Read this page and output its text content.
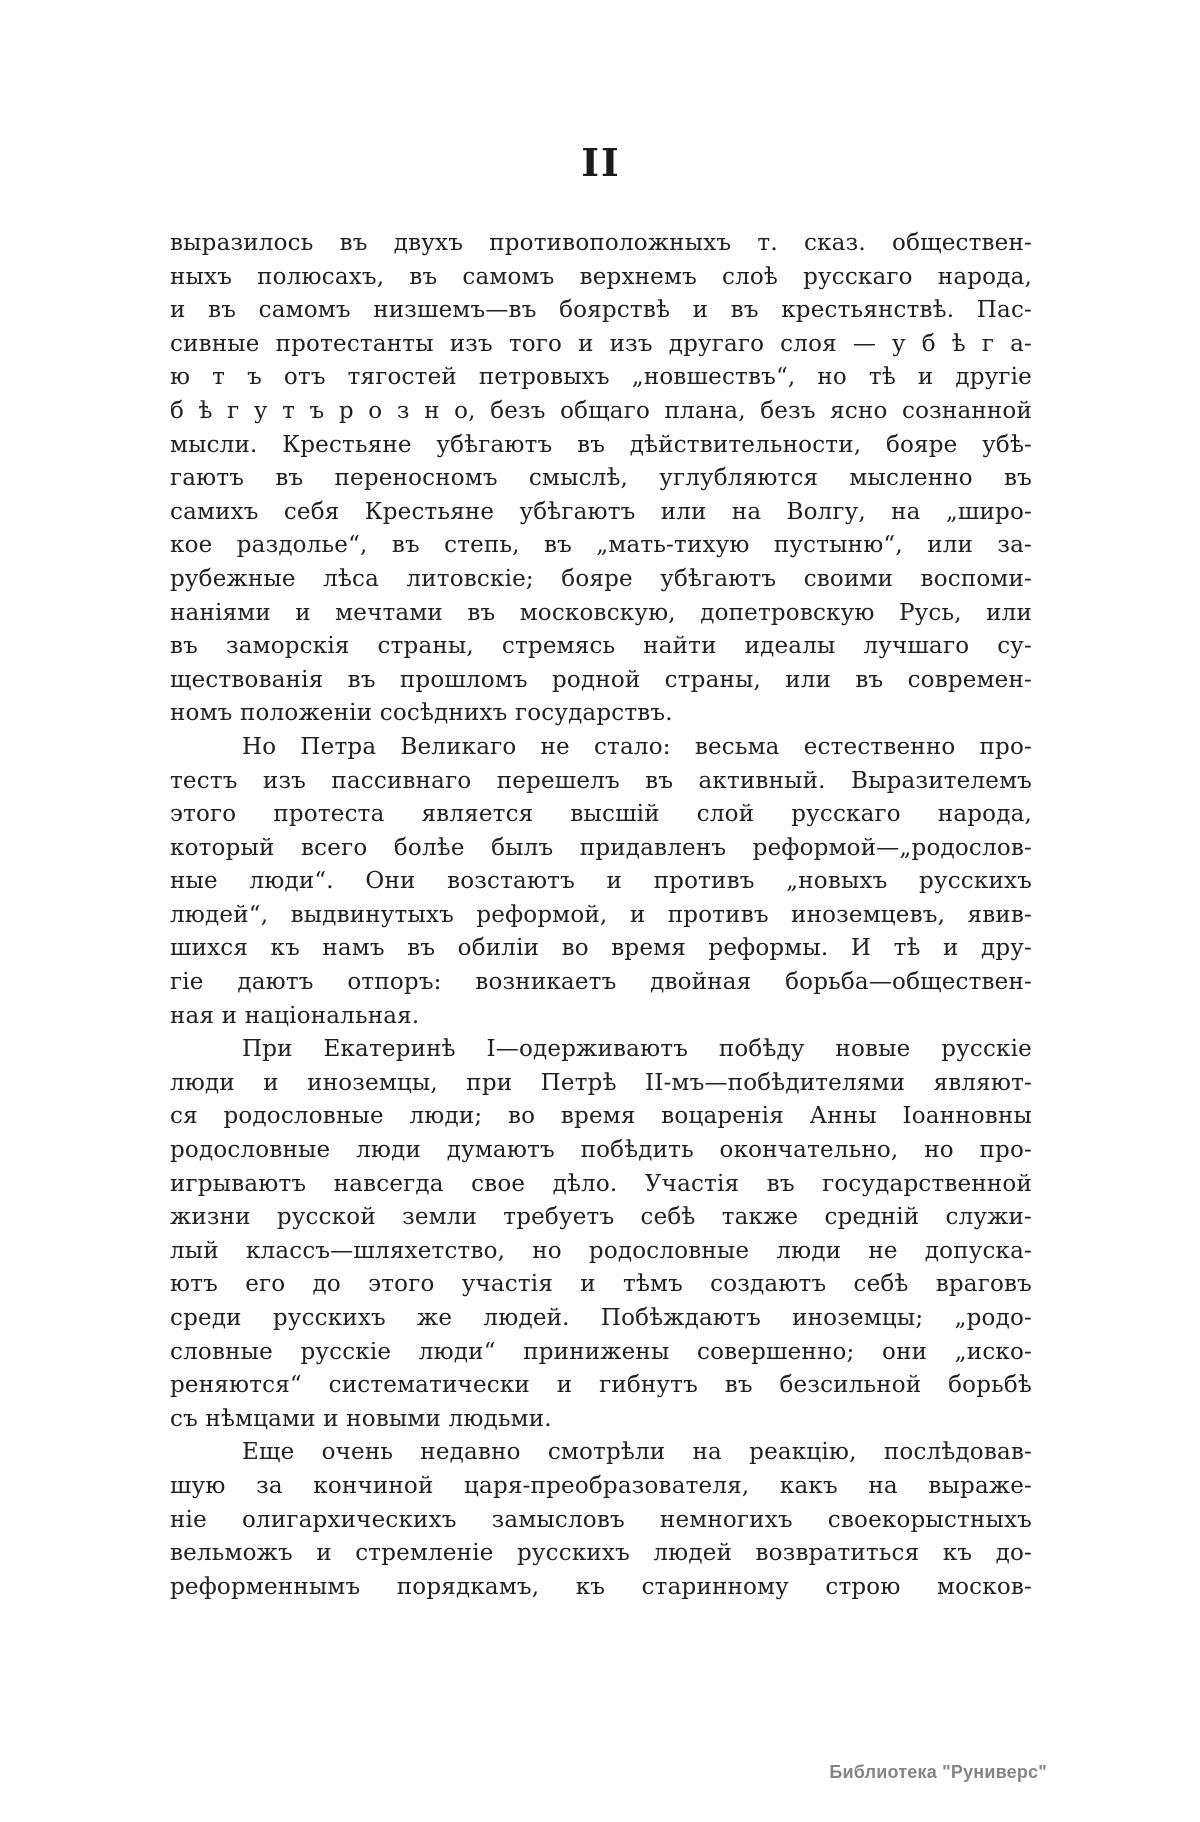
II
выразилось въ двухъ противоположныхъ т. сказ. обществен-
ныхъ полюсахъ, въ самомъ верхнемъ слоѣ русскаго народа,
и въ самомъ низшемъ—въ боярствѣ и въ крестьянствѣ. Пас-
сивные протестанты изъ того и изъ другаго слоя — у б ѣ г а-
ю т ъ отъ тягостей петровыхъ „новшествъ“, но тѣ и другіе
б ѣ г у т ъ р о з н о, безъ общаго плана, безъ ясно сознанной
мысли. Крестьяне убѣгаютъ въ дѣйствительности, бояре убѣ-
гаютъ въ переносномъ смыслѣ, углубляются мысленно въ
самихъ себя Крестьяне убѣгаютъ или на Волгу, на „широ-
кое раздолье“, въ степь, въ „мать-тихую пустыню“, или за-
рубежные лѣса литовскіе; бояре убѣгаютъ своими воспоми-
наніями и мечтами въ московскую, допетровскую Русь, или
въ заморскія страны, стремясь найти идеалы лучшаго су-
ществованія въ прошломъ родной страны, или въ современ-
номъ положеніи сосѣднихъ государствъ.
Но Петра Великаго не стало: весьма естественно про-
тестъ изъ пассивнаго перешелъ въ активный. Выразителемъ
этого протеста является высшій слой русскаго народа,
который всего болѣе былъ придавленъ реформой—„родослов-
ные люди“. Они возстаютъ и противъ „новыхъ русскихъ
людей“, выдвинутыхъ реформой, и противъ иноземцевъ, явив-
шихся къ намъ въ обиліи во время реформы. И тѣ и дру-
гіе даютъ отпоръ: возникаетъ двойная борьба—обществен-
ная и національная.
При Екатеринѣ I—одерживаютъ побѣду новые русскіе
люди и иноземцы, при Петрѣ II-мъ—побѣдителями являют-
ся родословные люди; во время воцаренія Анны Іоанновны
родословные люди думаютъ побѣдить окончательно, но про-
игрываютъ навсегда свое дѣло. Участія въ государственной
жизни русской земли требуетъ себѣ также средній служи-
лый классъ—шляхетство, но родословные люди не допуска-
ютъ его до этого участія и тѣмъ создаютъ себѣ враговъ
среди русскихъ же людей. Побѣждаютъ иноземцы; „родо-
словные русскіе люди“ принижены совершенно; они „иско-
реняются“ систематически и гибнутъ въ безсильной борьбѣ
съ нѣмцами и новыми людьми.
Еще очень недавно смотрѣли на реакцію, послѣдовав-
шую за кончиной царя-преобразователя, какъ на выраже-
ніе олигархическихъ замысловъ немногихъ своекорыстныхъ
вельможъ и стремленіе русскихъ людей возвратиться къ до-
реформеннымъ порядкамъ, къ старинному строю москов-
Библиотека "Руниверс"
